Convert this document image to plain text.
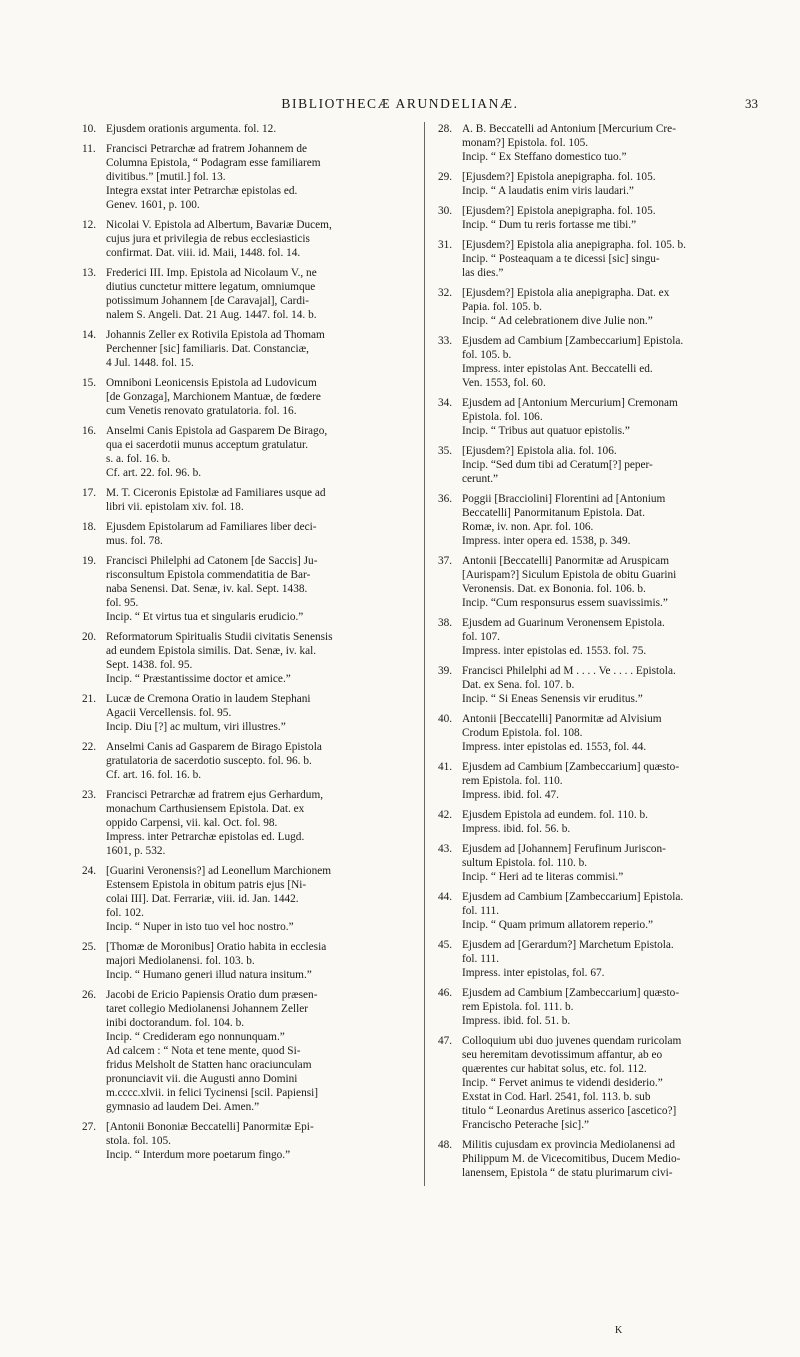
BIBLIOTHECÆ ARUNDELIANÆ.	33
10. Ejusdem orationis argumenta. fol. 12.
11. Francisci Petrarchæ ad fratrem Johannem de
Columna Epistola, “ Podagram esse familiarem
divitibus.” [mutil.] fol. 13.
Integra exstat inter Petrarchæ epistolas ed.
Genev. 1601, p. 100.
12. Nicolai V. Epistola ad Albertum, Bavariæ Ducem,
cujus jura et privilegia de rebus ecclesiasticis
confirmat. Dat. viii. id. Maii, 1448. fol. 14.
13. Frederici III. Imp. Epistola ad Nicolaum V., ne
diutius cunctetur mittere legatum, omniumque
potissimum Johannem [de Caravajal], Cardi-
nalem S. Angeli. Dat. 21 Aug. 1447. fol. 14. b.
14. Johannis Zeller ex Rotivila Epistola ad Thomam
Perchenner [sic] familiaris. Dat. Constanciæ,
4 Jul. 1448. fol. 15.
15. Omniboni Leonicensis Epistola ad Ludovicum
[de Gonzaga], Marchionem Mantuæ, de fœdere
cum Venetis renovato gratulatoria. fol. 16.
16. Anselmi Canis Epistola ad Gasparem De Birago,
qua ei sacerdotii munus acceptum gratulatur.
s. a. fol. 16. b.
Cf. art. 22. fol. 96. b.
17. M. T. Ciceronis Epistolæ ad Familiares usque ad
libri vii. epistolam xiv. fol. 18.
18. Ejusdem Epistolarum ad Familiares liber deci-
mus. fol. 78.
19. Francisci Philelphi ad Catonem [de Saccis] Ju-
risconsultum Epistola commendatitia de Bar-
naba Senensi. Dat. Senæ, iv. kal. Sept. 1438.
fol. 95.
Incip. “ Et virtus tua et singularis erudicio.”
20. Reformatorum Spiritualis Studii civitatis Senensis
ad eundem Epistola similis. Dat. Senæ, iv. kal.
Sept. 1438. fol. 95.
Incip. “ Præstantissime doctor et amice.”
21. Lucæ de Cremona Oratio in laudem Stephani
Agacii Vercellensis. fol. 95.
Incip. Diu [?] ac multum, viri illustres.”
22. Anselmi Canis ad Gasparem de Birago Epistola
gratulatoria de sacerdotio suscepto. fol. 96. b.
Cf. art. 16. fol. 16. b.
23. Francisci Petrarchæ ad fratrem ejus Gerhardum,
monachum Carthusiensem Epistola. Dat. ex
oppido Carpensi, vii. kal. Oct. fol. 98.
Impress. inter Petrarchæ epistolas ed. Lugd.
1601, p. 532.
24. [Guarini Veronensis?] ad Leonellum Marchionem
Estensem Epistola in obitum patris ejus [Ni-
colai III]. Dat. Ferrariæ, viii. id. Jan. 1442.
fol. 102.
Incip. “ Nuper in isto tuo vel hoc nostro.”
25. [Thomæ de Moronibus] Oratio habita in ecclesia
majori Mediolanensi. fol. 103. b.
Incip. “ Humano generi illud natura insitum.”
26. Jacobi de Ericio Papiensis Oratio dum præsen-
taret collegio Mediolanensi Johannem Zeller
inibi doctorandum. fol. 104. b.
Incip. “ Credideram ego nonnunquam.”
Ad calcem : “ Nota et tene mente, quod Si-
fridus Melsholt de Statten hanc oraciunculam
pronunciavit vii. die Augusti anno Domini
m.cccc.xlvii. in felici Tycinensi [scil. Papiensi]
gymnasio ad laudem Dei. Amen.”
27. [Antonii Bononiæ Beccatelli] Panormitæ Epi-
stola. fol. 105.
Incip. “ Interdum more poetarum fingo.”
28. A. B. Beccatelli ad Antonium [Mercurium Cre-
monam?] Epistola. fol. 105.
Incip. “ Ex Steffano domestico tuo.”
29. [Ejusdem?] Epistola anepigrapha. fol. 105.
Incip. “ A laudatis enim viris laudari.”
30. [Ejusdem?] Epistola anepigrapha. fol. 105.
Incip. “ Dum tu reris fortasse me tibi.”
31. [Ejusdem?] Epistola alia anepigrapha. fol. 105. b.
Incip. “ Posteaquam a te dicessi [sic] singu-
las dies.”
32. [Ejusdem?] Epistola alia anepigrapha. Dat. ex
Papia. fol. 105. b.
Incip. “ Ad celebrationem dive Julie non.”
33. Ejusdem ad Cambium [Zambeccarium] Epistola.
fol. 105. b.
Impress. inter epistolas Ant. Beccatelli ed.
Ven. 1553, fol. 60.
34. Ejusdem ad [Antonium Mercurium] Cremonam
Epistola. fol. 106.
Incip. “ Tribus aut quatuor epistolis.”
35. [Ejusdem?] Epistola alia. fol. 106.
Incip. “Sed dum tibi ad Ceratum[?] peper-
cerunt.”
36. Poggii [Bracciolini] Florentini ad [Antonium
Beccatelli] Panormitanum Epistola. Dat.
Romæ, iv. non. Apr. fol. 106.
Impress. inter opera ed. 1538, p. 349.
37. Antonii [Beccatelli] Panormitæ ad Aruspicam
[Aurispam?] Siculum Epistola de obitu Guarini
Veronensis. Dat. ex Bononia. fol. 106. b.
Incip. “Cum responsurus essem suavissimis.”
38. Ejusdem ad Guarinum Veronensem Epistola.
fol. 107.
Impress. inter epistolas ed. 1553. fol. 75.
39. Francisci Philelphi ad M . . . . Ve . . . . Epistola.
Dat. ex Sena. fol. 107. b.
Incip. “ Si Eneas Senensis vir eruditus.”
40. Antonii [Beccatelli] Panormitæ ad Alvisium
Crodum Epistola. fol. 108.
Impress. inter epistolas ed. 1553, fol. 44.
41. Ejusdem ad Cambium [Zambeccarium] quæsto-
rem Epistola. fol. 110.
Impress. ibid. fol. 47.
42. Ejusdem Epistola ad eundem. fol. 110. b.
Impress. ibid. fol. 56. b.
43. Ejusdem ad [Johannem] Ferufinum Juriscon-
sultum Epistola. fol. 110. b.
Incip. “ Heri ad te literas commisi.”
44. Ejusdem ad Cambium [Zambeccarium] Epistola.
fol. 111.
Incip. “ Quam primum allatorem reperio.”
45. Ejusdem ad [Gerardum?] Marchetum Epistola.
fol. 111.
Impress. inter epistolas, fol. 67.
46. Ejusdem ad Cambium [Zambeccarium] quæsto-
rem Epistola. fol. 111. b.
Impress. ibid. fol. 51. b.
47. Colloquium ubi duo juvenes quendam ruricolam
seu heremitam devotissimum affantur, ab eo
quærentes cur habitat solus, etc. fol. 112.
Incip. “ Fervet animus te videndi desiderio.”
Exstat in Cod. Harl. 2541, fol. 113. b. sub
titulo “ Leonardus Aretinus asserico [ascetico?]
Francischo Peterache [sic].”
48. Militis cujusdam ex provincia Mediolanensi ad
Philippum M. de Vicecomitibus, Ducem Medio-
lanensem, Epistola “ de statu plurimarum civi-
K
